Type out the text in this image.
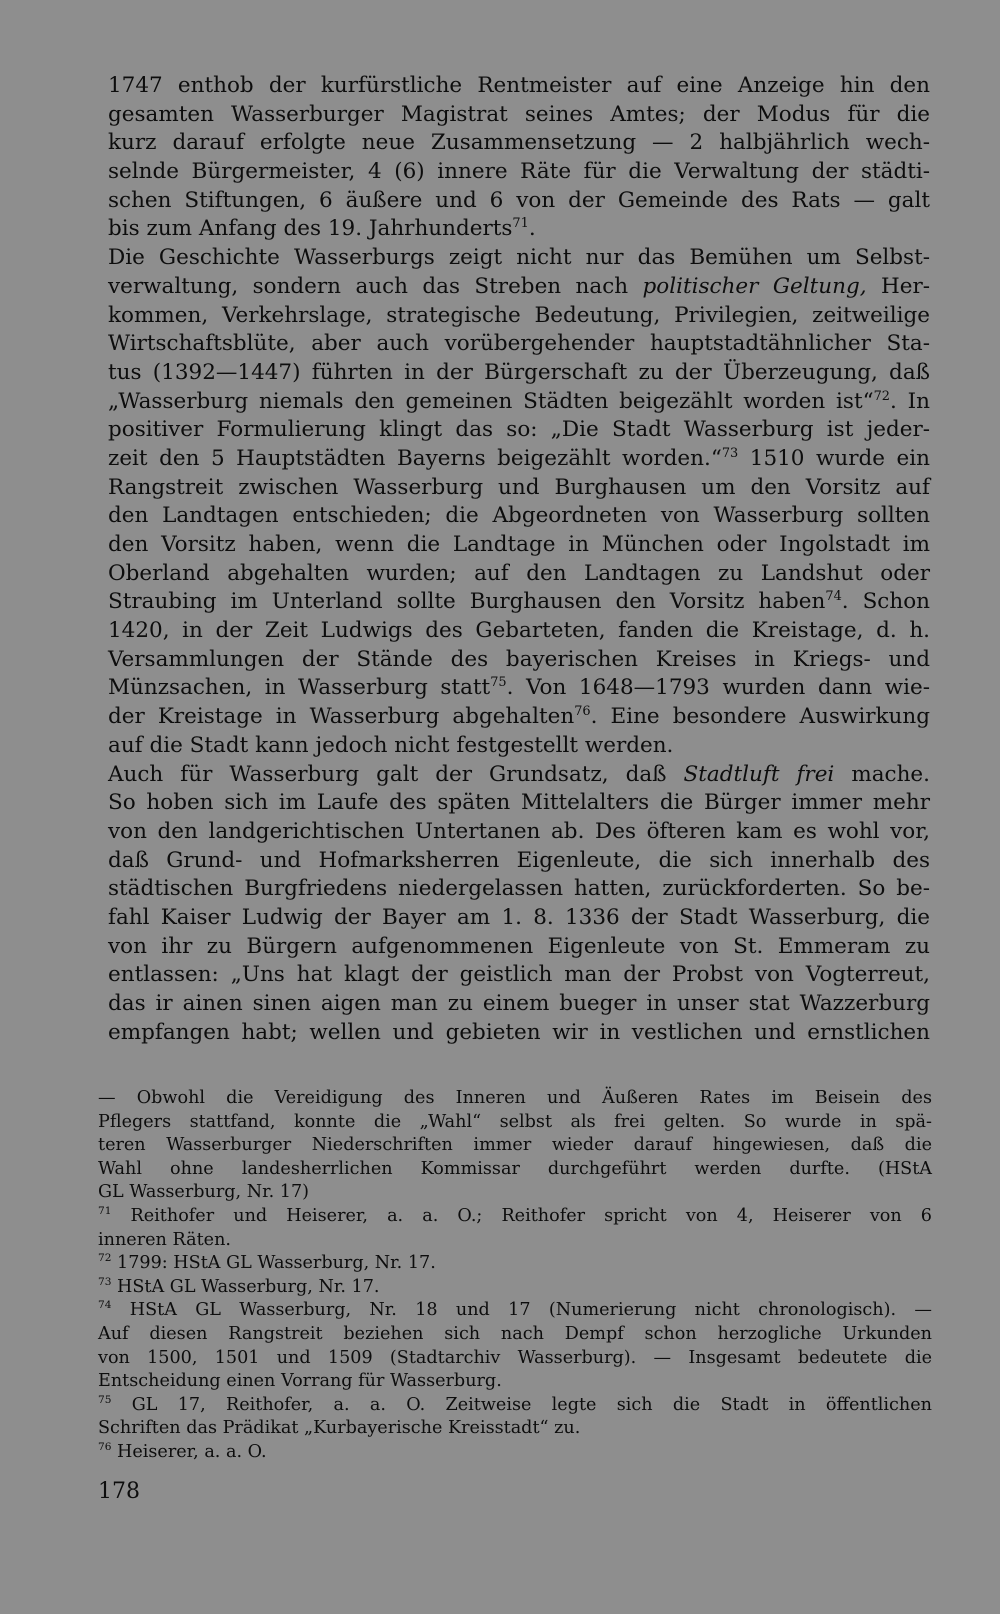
1747 enthob der kurfürstliche Rentmeister auf eine Anzeige hin den
gesamten Wasserburger Magistrat seines Amtes; der Modus für die
kurz darauf erfolgte neue Zusammensetzung — 2 halbjährlich wech-
selnde Bürgermeister, 4 (6) innere Räte für die Verwaltung der städti-
schen Stiftungen, 6 äußere und 6 von der Gemeinde des Rats — galt
bis zum Anfang des 19. Jahrhunderts$^{71}$.
Die Geschichte Wasserburgs zeigt nicht nur das Bemühen um Selbst-
verwaltung, sondern auch das Streben nach politischer Geltung, Her-
kommen, Verkehrslage, strategische Bedeutung, Privilegien, zeitweilige
Wirtschaftsblüte, aber auch vorübergehender hauptstadtähnlicher Sta-
tus (1392—1447) führten in der Bürgerschaft zu der Überzeugung, daß
„Wasserburg niemals den gemeinen Städten beigezählt worden ist“$^{72}$. In
positiver Formulierung klingt das so: „Die Stadt Wasserburg ist jeder-
zeit den 5 Hauptstädten Bayerns beigezählt worden.“$^{73}$ 1510 wurde ein
Rangstreit zwischen Wasserburg und Burghausen um den Vorsitz auf
den Landtagen entschieden; die Abgeordneten von Wasserburg sollten
den Vorsitz haben, wenn die Landtage in München oder Ingolstadt im
Oberland abgehalten wurden; auf den Landtagen zu Landshut oder
Straubing im Unterland sollte Burghausen den Vorsitz haben$^{74}$. Schon
1420, in der Zeit Ludwigs des Gebarteten, fanden die Kreistage, d. h.
Versammlungen der Stände des bayerischen Kreises in Kriegs- und
Münzsachen, in Wasserburg statt$^{75}$. Von 1648—1793 wurden dann wie-
der Kreistage in Wasserburg abgehalten$^{76}$. Eine besondere Auswirkung
auf die Stadt kann jedoch nicht festgestellt werden.
Auch für Wasserburg galt der Grundsatz, daß Stadtluft frei mache.
So hoben sich im Laufe des späten Mittelalters die Bürger immer mehr
von den landgerichtischen Untertanen ab. Des öfteren kam es wohl vor,
daß Grund- und Hofmarksherren Eigenleute, die sich innerhalb des
städtischen Burgfriedens niedergelassen hatten, zurückforderten. So be-
fahl Kaiser Ludwig der Bayer am 1. 8. 1336 der Stadt Wasserburg, die
von ihr zu Bürgern aufgenommenen Eigenleute von St. Emmeram zu
entlassen: „Uns hat klagt der geistlich man der Probst von Vogterreut,
das ir ainen sinen aigen man zu einem bueger in unser stat Wazzerburg
empfangen habt; wellen und gebieten wir in vestlichen und ernstlichen
— Obwohl die Vereidigung des Inneren und Äußeren Rates im Beisein des
Pflegers stattfand, konnte die „Wahl“ selbst als frei gelten. So wurde in spä-
teren Wasserburger Niederschriften immer wieder darauf hingewiesen, daß die
Wahl ohne landesherrlichen Kommissar durchgeführt werden durfte. (HStA
GL Wasserburg, Nr. 17)
$^{71}$ Reithofer und Heiserer, a. a. O.; Reithofer spricht von 4, Heiserer von 6
inneren Räten.
$^{72}$ 1799: HStA GL Wasserburg, Nr. 17.
$^{73}$ HStA GL Wasserburg, Nr. 17.
$^{74}$ HStA GL Wasserburg, Nr. 18 und 17 (Numerierung nicht chronologisch). —
Auf diesen Rangstreit beziehen sich nach Dempf schon herzogliche Urkunden
von 1500, 1501 und 1509 (Stadtarchiv Wasserburg). — Insgesamt bedeutete die
Entscheidung einen Vorrang für Wasserburg.
$^{75}$ GL 17, Reithofer, a. a. O. Zeitweise legte sich die Stadt in öffentlichen
Schriften das Prädikat „Kurbayerische Kreisstadt“ zu.
$^{76}$ Heiserer, a. a. O.
178
